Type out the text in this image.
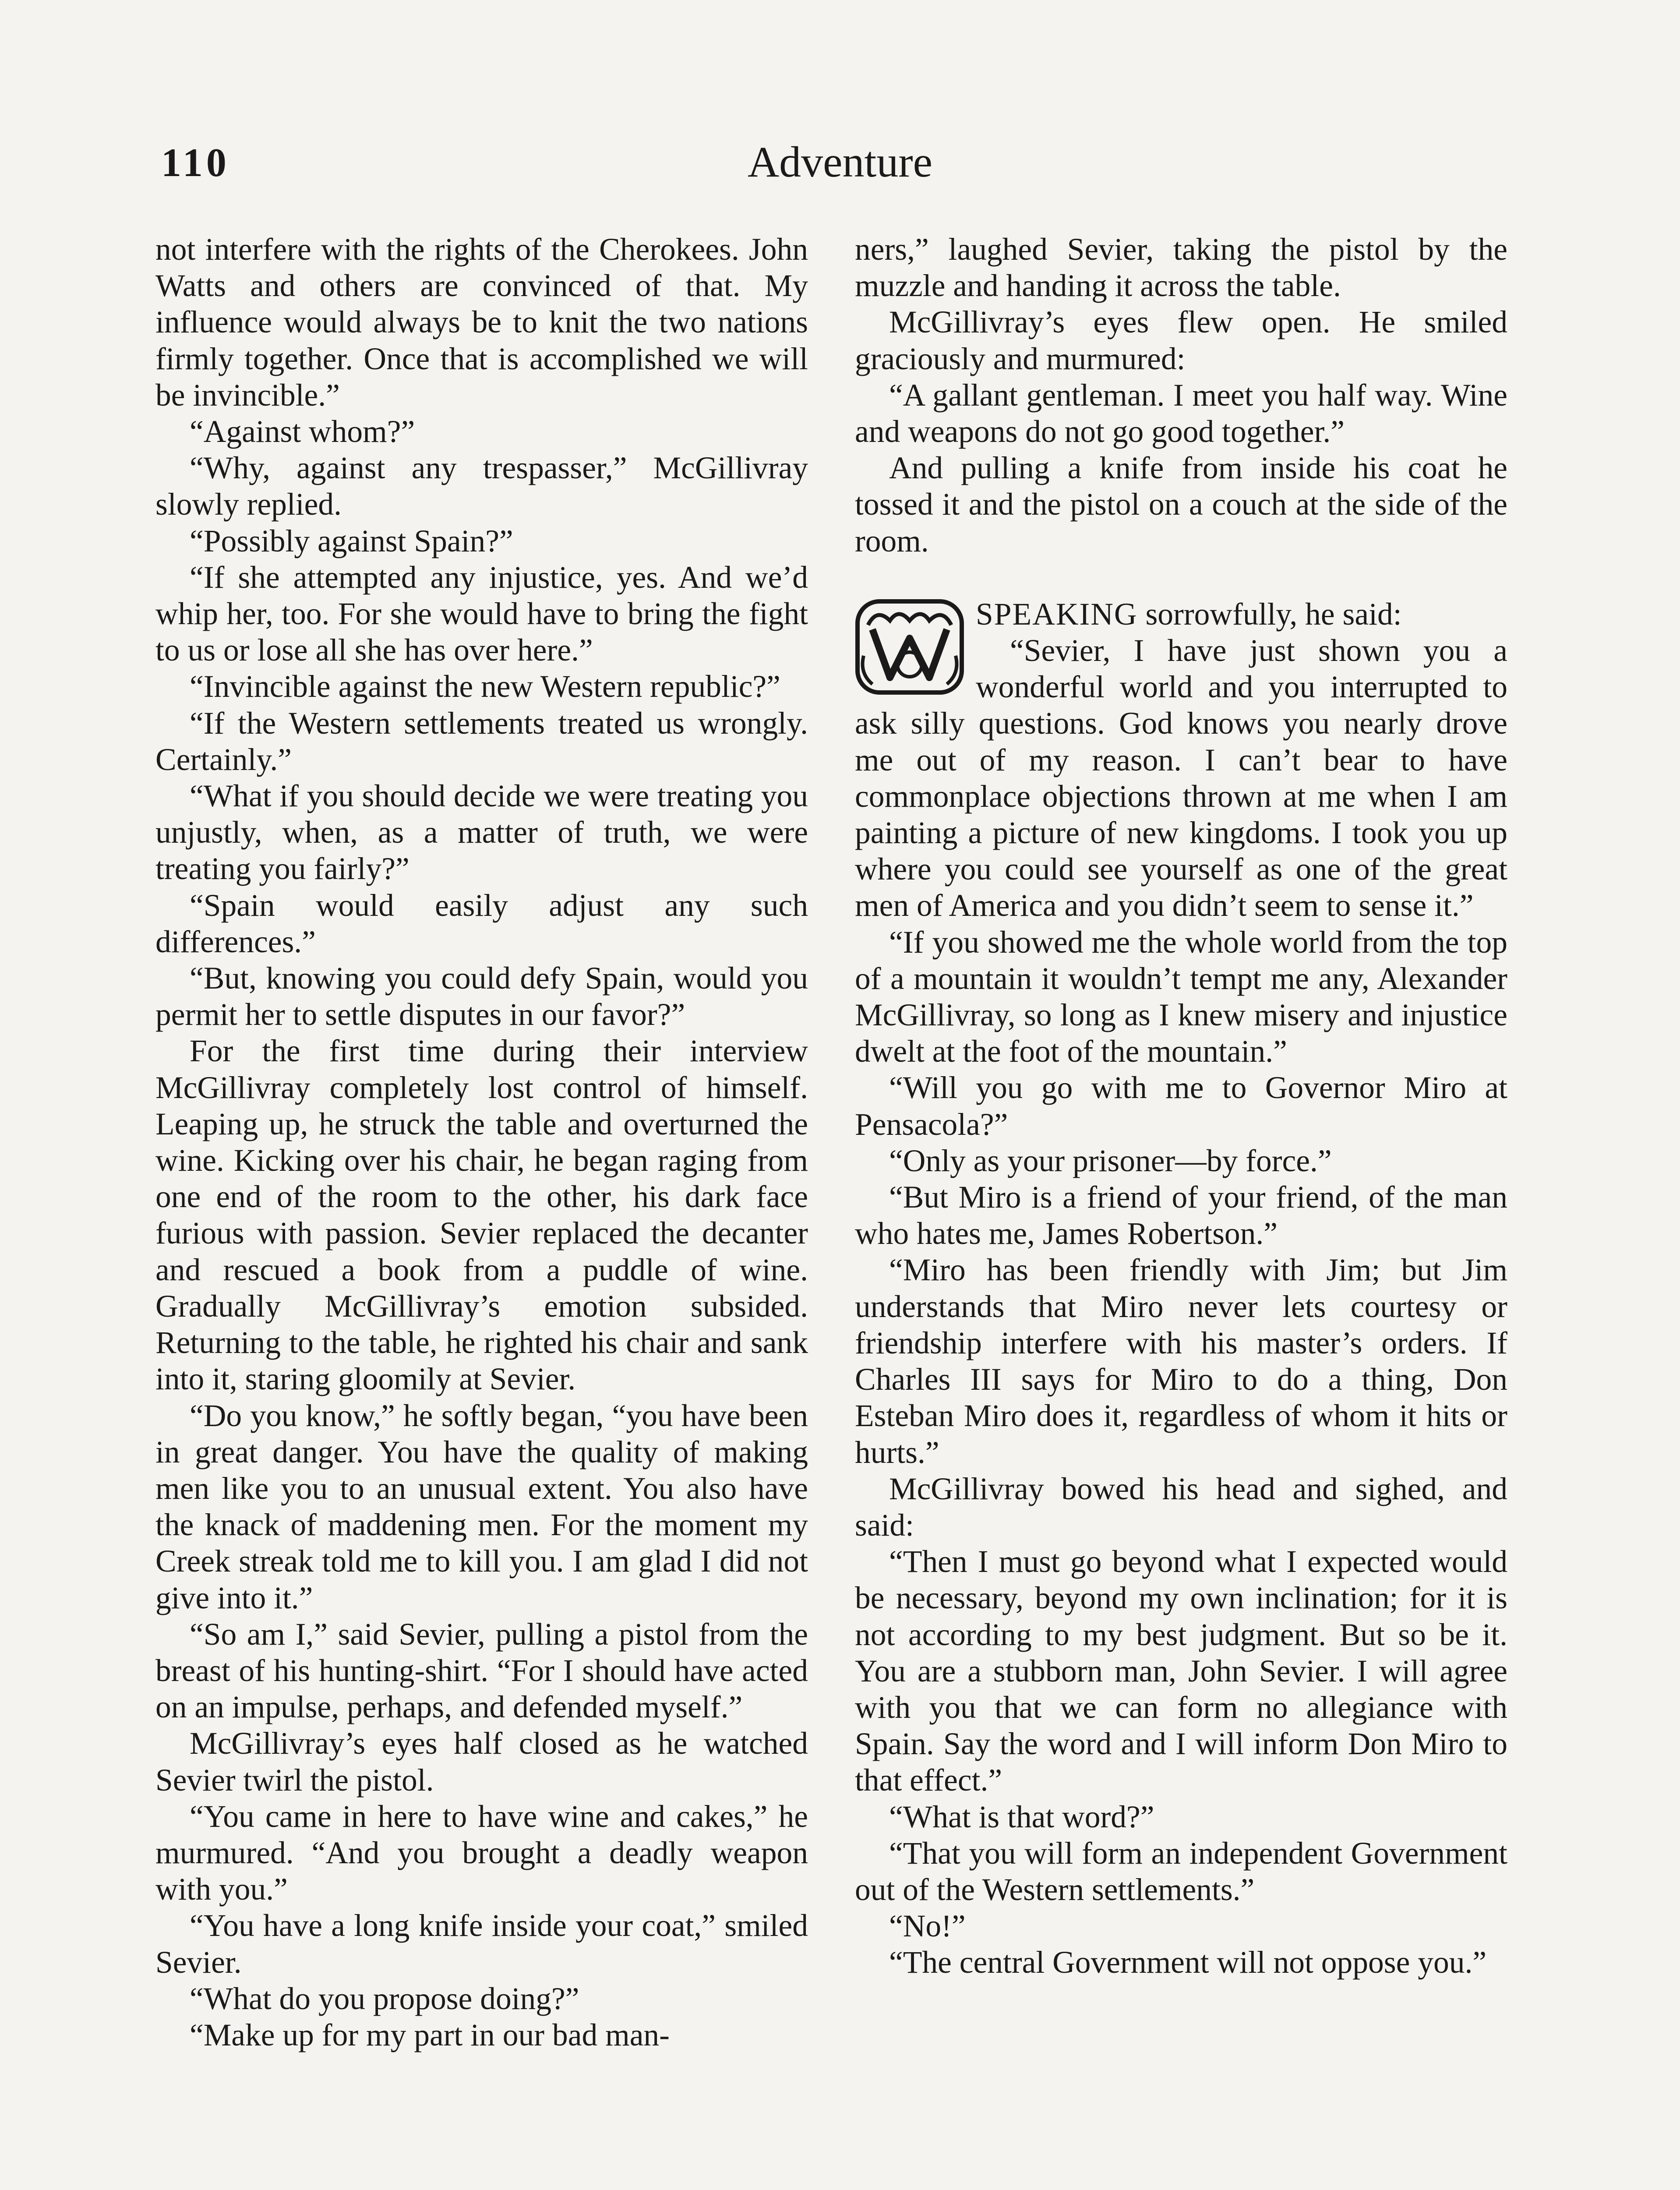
110	Adventure

not interfere with the rights of the Cherokees. John Watts and others are convinced of that. My influence would always be to knit the two nations firmly together. Once that is accomplished we will be invincible.”

“Against whom?”

“Why, against any trespasser,” McGillivray slowly replied.

“Possibly against Spain?”

“If she attempted any injustice, yes. And we’d whip her, too. For she would have to bring the fight to us or lose all she has over here.”

“Invincible against the new Western republic?”

“If the Western settlements treated us wrongly. Certainly.”

“What if you should decide we were treating you unjustly, when, as a matter of truth, we were treating you fairly?”

“Spain would easily adjust any such differences.”

“But, knowing you could defy Spain, would you permit her to settle disputes in our favor?”

For the first time during their interview McGillivray completely lost control of himself. Leaping up, he struck the table and overturned the wine. Kicking over his chair, he began raging from one end of the room to the other, his dark face furious with passion. Sevier replaced the decanter and rescued a book from a puddle of wine. Gradually McGillivray’s emotion subsided. Returning to the table, he righted his chair and sank into it, staring gloomily at Sevier.

“Do you know,” he softly began, “you have been in great danger. You have the quality of making men like you to an unusual extent. You also have the knack of maddening men. For the moment my Creek streak told me to kill you. I am glad I did not give into it.”

“So am I,” said Sevier, pulling a pistol from the breast of his hunting-shirt. “For I should have acted on an impulse, perhaps, and defended myself.”

McGillivray’s eyes half closed as he watched Sevier twirl the pistol.

“You came in here to have wine and cakes,” he murmured. “And you brought a deadly weapon with you.”

“You have a long knife inside your coat,” smiled Sevier.

“What do you propose doing?”

“Make up for my part in our bad man-

ners,” laughed Sevier, taking the pistol by the muzzle and handing it across the table.

McGillivray’s eyes flew open. He smiled graciously and murmured:

“A gallant gentleman. I meet you half way. Wine and weapons do not go good together.”

And pulling a knife from inside his coat he tossed it and the pistol on a couch at the side of the room.

SPEAKING sorrowfully, he said:

“Sevier, I have just shown you a wonderful world and you interrupted to ask silly questions. God knows you nearly drove me out of my reason. I can’t bear to have commonplace objections thrown at me when I am painting a picture of new kingdoms. I took you up where you could see yourself as one of the great men of America and you didn’t seem to sense it.”

“If you showed me the whole world from the top of a mountain it wouldn’t tempt me any, Alexander McGillivray, so long as I knew misery and injustice dwelt at the foot of the mountain.”

“Will you go with me to Governor Miro at Pensacola?”

“Only as your prisoner—by force.”

“But Miro is a friend of your friend, of the man who hates me, James Robertson.”

“Miro has been friendly with Jim; but Jim understands that Miro never lets courtesy or friendship interfere with his master’s orders. If Charles III says for Miro to do a thing, Don Esteban Miro does it, regardless of whom it hits or hurts.”

McGillivray bowed his head and sighed, and said:

“Then I must go beyond what I expected would be necessary, beyond my own inclination; for it is not according to my best judgment. But so be it. You are a stubborn man, John Sevier. I will agree with you that we can form no allegiance with Spain. Say the word and I will inform Don Miro to that effect.”

“What is that word?”

“That you will form an independent Government out of the Western settlements.”

“No!”

“The central Government will not oppose you.”
